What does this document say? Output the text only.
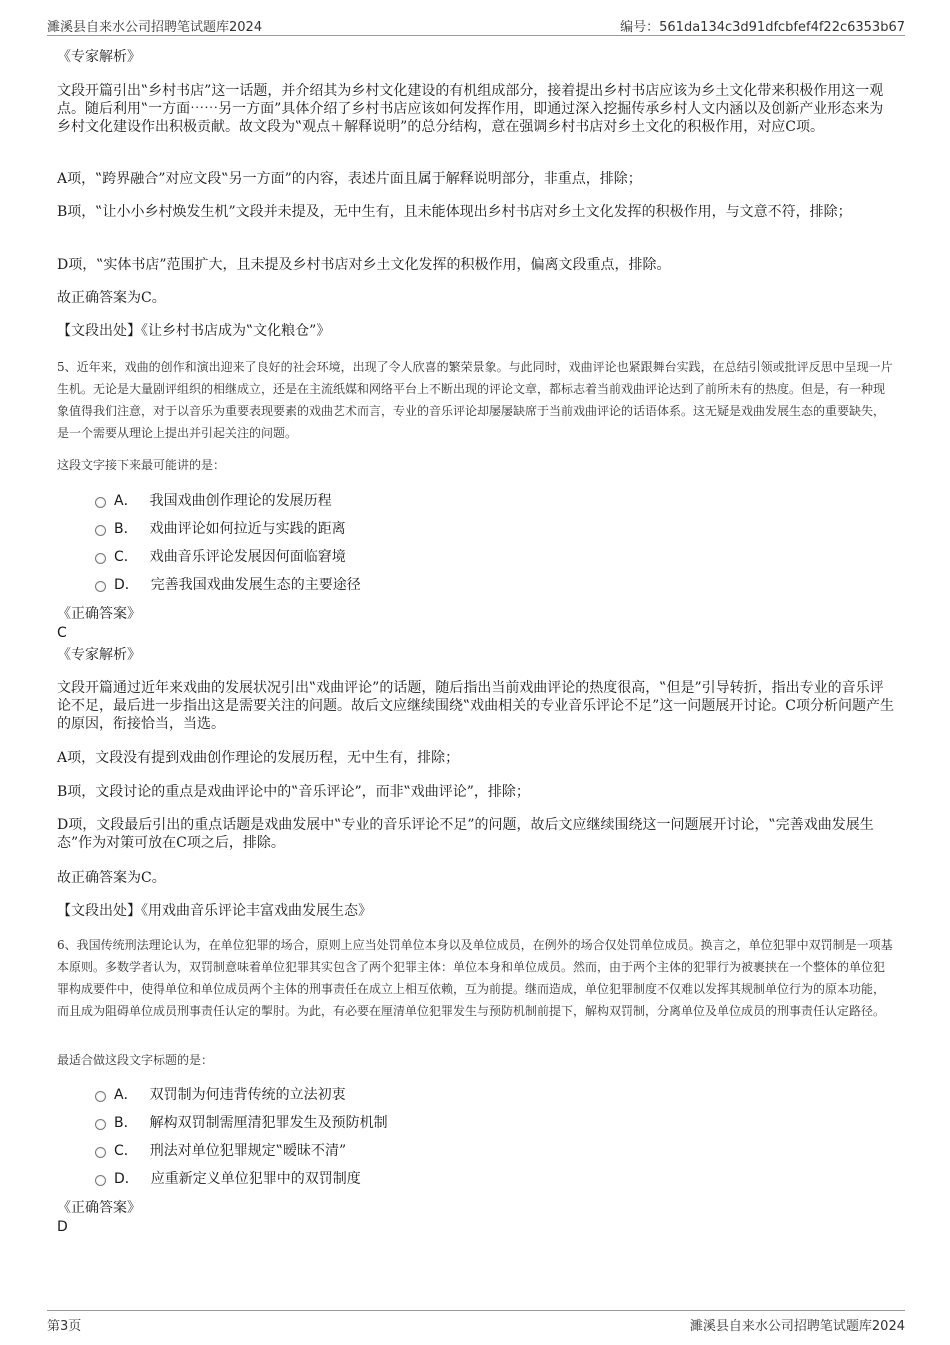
濉溪县自来水公司招聘笔试题库2024	编号：561da134c3d91dfcbfef4f22c6353b67

《专家解析》

文段开篇引出‟乡村书店”这一话题，并介绍其为乡村文化建设的有机组成部分，接着提出乡村书店应该为乡土文化带来积极作用这一观点。随后利用‟一方面⋯⋯另一方面”具体介绍了乡村书店应该如何发挥作用，即通过深入挖掘传承乡村人文内涵以及创新产业形态来为乡村文化建设作出积极贡献。故文段为‟观点＋解释说明”的总分结构，意在强调乡村书店对乡土文化的积极作用，对应C项。

A项，‟跨界融合”对应文段‟另一方面”的内容，表述片面且属于解释说明部分，非重点，排除；

B项，‟让小小乡村焕发生机”文段并未提及，无中生有，且未能体现出乡村书店对乡土文化发挥的积极作用，与文意不符，排除；

D项，‟实体书店”范围扩大，且未提及乡村书店对乡土文化发挥的积极作用，偏离文段重点，排除。

故正确答案为C。

【文段出处】《让乡村书店成为‟文化粮仓”》

5、近年来，戏曲的创作和演出迎来了良好的社会环境，出现了令人欣喜的繁荣景象。与此同时，戏曲评论也紧跟舞台实践，在总结引领或批评反思中呈现一片生机。无论是大量剧评组织的相继成立，还是在主流纸媒和网络平台上不断出现的评论文章，都标志着当前戏曲评论达到了前所未有的热度。但是，有一种现象值得我们注意，对于以音乐为重要表现要素的戏曲艺术而言，专业的音乐评论却屡屡缺席于当前戏曲评论的话语体系。这无疑是戏曲发展生态的重要缺失，是一个需要从理论上提出并引起关注的问题。

这段文字接下来最可能讲的是：

A． 我国戏曲创作理论的发展历程
B． 戏曲评论如何拉近与实践的距离
C． 戏曲音乐评论发展因何面临窘境
D． 完善我国戏曲发展生态的主要途径

《正确答案》

C

《专家解析》

文段开篇通过近年来戏曲的发展状况引出‟戏曲评论”的话题，随后指出当前戏曲评论的热度很高，‟但是”引导转折，指出专业的音乐评论不足，最后进一步指出这是需要关注的问题。故后文应继续围绕‟戏曲相关的专业音乐评论不足”这一问题展开讨论。C项分析问题产生的原因，衔接恰当，当选。

A项，文段没有提到戏曲创作理论的发展历程，无中生有，排除；

B项，文段讨论的重点是戏曲评论中的‟音乐评论”，而非‟戏曲评论”，排除；

D项，文段最后引出的重点话题是戏曲发展中‟专业的音乐评论不足”的问题，故后文应继续围绕这一问题展开讨论，‟完善戏曲发展生态”作为对策可放在C项之后，排除。

故正确答案为C。

【文段出处】《用戏曲音乐评论丰富戏曲发展生态》

6、我国传统刑法理论认为，在单位犯罪的场合，原则上应当处罚单位本身以及单位成员，在例外的场合仅处罚单位成员。换言之，单位犯罪中双罚制是一项基本原则。多数学者认为，双罚制意味着单位犯罪其实包含了两个犯罪主体：单位本身和单位成员。然而，由于两个主体的犯罪行为被裹挟在一个整体的单位犯罪构成要件中，使得单位和单位成员两个主体的刑事责任在成立上相互依赖，互为前提。继而造成，单位犯罪制度不仅难以发挥其规制单位行为的原本功能，而且成为阻碍单位成员刑事责任认定的掣肘。为此，有必要在厘清单位犯罪发生与预防机制前提下，解构双罚制，分离单位及单位成员的刑事责任认定路径。

最适合做这段文字标题的是：

A． 双罚制为何违背传统的立法初衷
B． 解构双罚制需厘清犯罪发生及预防机制
C． 刑法对单位犯罪规定‟暧昧不清”
D． 应重新定义单位犯罪中的双罚制度

《正确答案》

D

第3页	濉溪县自来水公司招聘笔试题库2024
